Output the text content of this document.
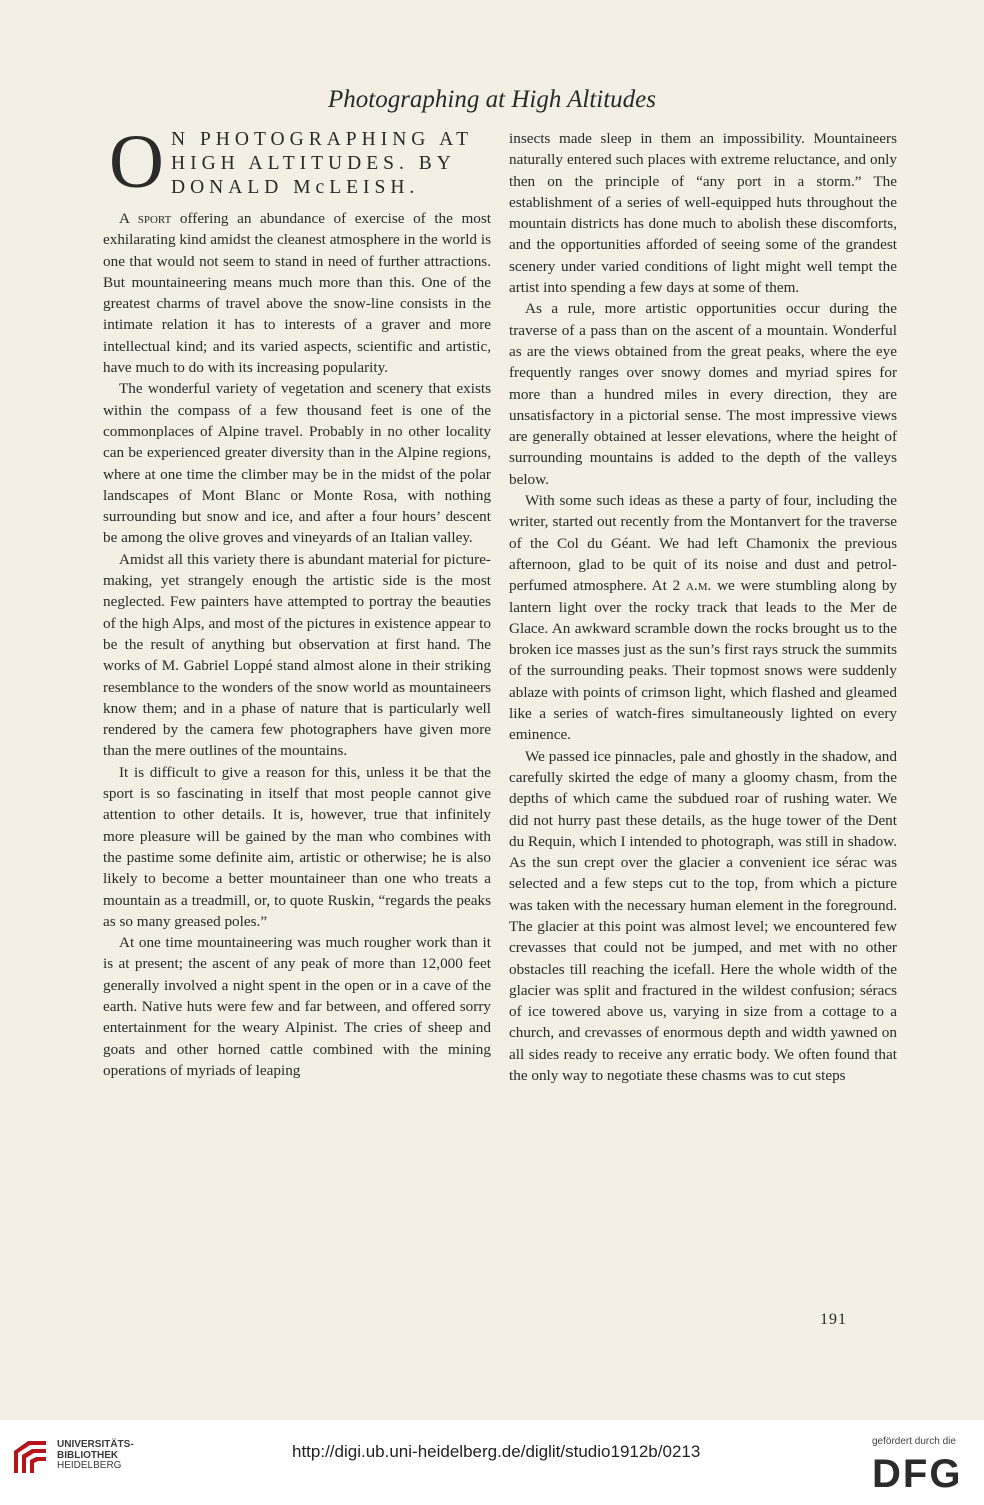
Photographing at High Altitudes
O N PHOTOGRAPHING AT
HIGH ALTITUDES. BY
DONALD McLEISH.

A sport offering an abundance of exercise of the most exhilarating kind amidst the cleanest atmosphere in the world is one that would not seem to stand in need of further attractions. But mountaineering means much more than this. One of the greatest charms of travel above the snow-line consists in the intimate relation it has to interests of a graver and more intellectual kind; and its varied aspects, scientific and artistic, have much to do with its increasing popularity.

The wonderful variety of vegetation and scenery that exists within the compass of a few thousand feet is one of the commonplaces of Alpine travel. Probably in no other locality can be experienced greater diversity than in the Alpine regions, where at one time the climber may be in the midst of the polar landscapes of Mont Blanc or Monte Rosa, with nothing surrounding but snow and ice, and after a four hours’ descent be among the olive groves and vineyards of an Italian valley.

Amidst all this variety there is abundant material for picture-making, yet strangely enough the artistic side is the most neglected. Few painters have attempted to portray the beauties of the high Alps, and most of the pictures in existence appear to be the result of anything but observation at first hand. The works of M. Gabriel Loppé stand almost alone in their striking resemblance to the wonders of the snow world as mountaineers know them; and in a phase of nature that is particularly well rendered by the camera few photographers have given more than the mere outlines of the mountains.

It is difficult to give a reason for this, unless it be that the sport is so fascinating in itself that most people cannot give attention to other details. It is, however, true that infinitely more pleasure will be gained by the man who combines with the pastime some definite aim, artistic or otherwise; he is also likely to become a better mountaineer than one who treats a mountain as a treadmill, or, to quote Ruskin, “regards the peaks as so many greased poles.”

At one time mountaineering was much rougher work than it is at present; the ascent of any peak of more than 12,000 feet generally involved a night spent in the open or in a cave of the earth. Native huts were few and far between, and offered sorry entertainment for the weary Alpinist. The cries of sheep and goats and other horned cattle combined with the mining operations of myriads of leaping

insects made sleep in them an impossibility. Mountaineers naturally entered such places with extreme reluctance, and only then on the principle of “any port in a storm.” The establishment of a series of well-equipped huts throughout the mountain districts has done much to abolish these discomforts, and the opportunities afforded of seeing some of the grandest scenery under varied conditions of light might well tempt the artist into spending a few days at some of them.

As a rule, more artistic opportunities occur during the traverse of a pass than on the ascent of a mountain. Wonderful as are the views obtained from the great peaks, where the eye frequently ranges over snowy domes and myriad spires for more than a hundred miles in every direction, they are unsatisfactory in a pictorial sense. The most impressive views are generally obtained at lesser elevations, where the height of surrounding mountains is added to the depth of the valleys below.

With some such ideas as these a party of four, including the writer, started out recently from the Montanvert for the traverse of the Col du Géant. We had left Chamonix the previous afternoon, glad to be quit of its noise and dust and petrol-perfumed atmosphere. At 2 a.m. we were stumbling along by lantern light over the rocky track that leads to the Mer de Glace. An awkward scramble down the rocks brought us to the broken ice masses just as the sun’s first rays struck the summits of the surrounding peaks. Their topmost snows were suddenly ablaze with points of crimson light, which flashed and gleamed like a series of watch-fires simultaneously lighted on every eminence.

We passed ice pinnacles, pale and ghostly in the shadow, and carefully skirted the edge of many a gloomy chasm, from the depths of which came the subdued roar of rushing water. We did not hurry past these details, as the huge tower of the Dent du Requin, which I intended to photograph, was still in shadow. As the sun crept over the glacier a convenient ice sérac was selected and a few steps cut to the top, from which a picture was taken with the necessary human element in the foreground. The glacier at this point was almost level; we encountered few crevasses that could not be jumped, and met with no other obstacles till reaching the icefall. Here the whole width of the glacier was split and fractured in the wildest confusion; séracs of ice towered above us, varying in size from a cottage to a church, and crevasses of enormous depth and width yawned on all sides ready to receive any erratic body. We often found that the only way to negotiate these chasms was to cut steps

191
UNIVERSITÄTS-
BIBLIOTHEK
HEIDELBERG
http://digi.ub.uni-heidelberg.de/diglit/studio1912b/0213
gefördert durch die
DFG
